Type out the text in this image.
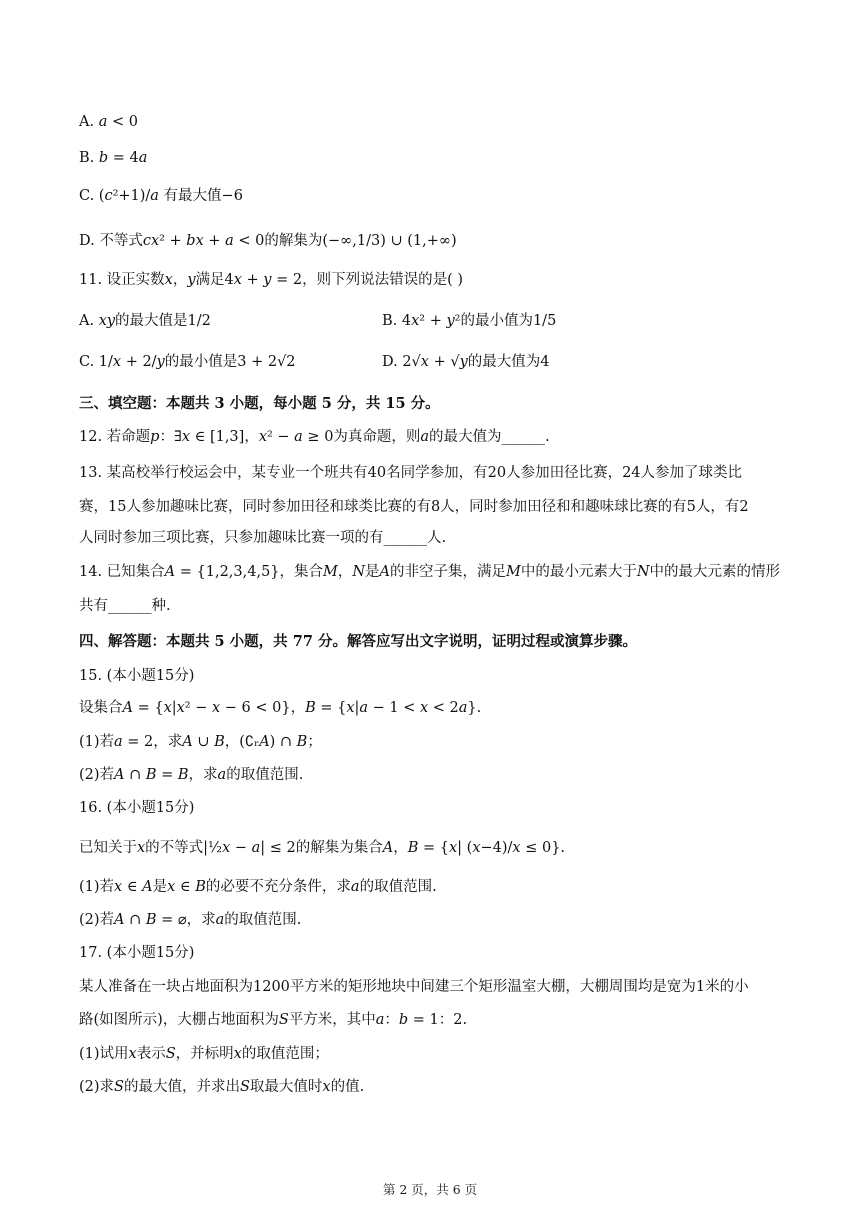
A. 𝑎 < 0
B. 𝑏 = 4𝑎
C. (𝑐²+1)/𝑎 有最大值−6
D. 不等式𝑐𝑥² + 𝑏𝑥 + 𝑎 < 0的解集为(−∞,1/3) ∪ (1,+∞)
11. 设正实数𝑥，𝑦满足4𝑥 + 𝑦 = 2，则下列说法错误的是( )
A. 𝑥𝑦的最大值是1/2	B. 4𝑥² + 𝑦²的最小值为1/5
C. 1/𝑥 + 2/𝑦的最小值是3 + 2√2	D. 2√𝑥 + √𝑦的最大值为4
三、填空题：本题共 3 小题，每小题 5 分，共 15 分。
12. 若命题𝑝：∃𝑥 ∈ [1,3]，𝑥² − 𝑎 ≥ 0为真命题，则𝑎的最大值为______.
13. 某高校举行校运会中，某专业一个班共有40名同学参加，有20人参加田径比赛，24人参加了球类比
赛，15人参加趣味比赛，同时参加田径和球类比赛的有8人，同时参加田径和和趣味球比赛的有5人，有2
人同时参加三项比赛，只参加趣味比赛一项的有______人.
14. 已知集合𝐴 = {1,2,3,4,5}，集合𝑀，𝑁是𝐴的非空子集，满足𝑀中的最小元素大于𝑁中的最大元素的情形
共有______种.
四、解答题：本题共 5 小题，共 77 分。解答应写出文字说明，证明过程或演算步骤。
15. (本小题15分)
设集合𝐴 = {𝑥|𝑥² − 𝑥 − 6 < 0}，𝐵 = {𝑥|𝑎 − 1 < 𝑥 < 2𝑎}.
(1)若𝑎 = 2，求𝐴 ∪ 𝐵，(∁ᵣ𝐴) ∩ 𝐵；
(2)若𝐴 ∩ 𝐵 = 𝐵，求𝑎的取值范围.
16. (本小题15分)
已知关于𝑥的不等式|½𝑥 − 𝑎| ≤ 2的解集为集合𝐴，𝐵 = {𝑥| (𝑥−4)/𝑥 ≤ 0}.
(1)若𝑥 ∈ 𝐴是𝑥 ∈ 𝐵的必要不充分条件，求𝑎的取值范围.
(2)若𝐴 ∩ 𝐵 = ⌀，求𝑎的取值范围.
17. (本小题15分)
某人准备在一块占地面积为1200平方米的矩形地块中间建三个矩形温室大棚，大棚周围均是宽为1米的小
路(如图所示)，大棚占地面积为𝑆平方米，其中𝑎：𝑏 = 1：2.
(1)试用𝑥表示𝑆，并标明𝑥的取值范围；
(2)求𝑆的最大值，并求出𝑆取最大值时𝑥的值.
第 2 页，共 6 页
